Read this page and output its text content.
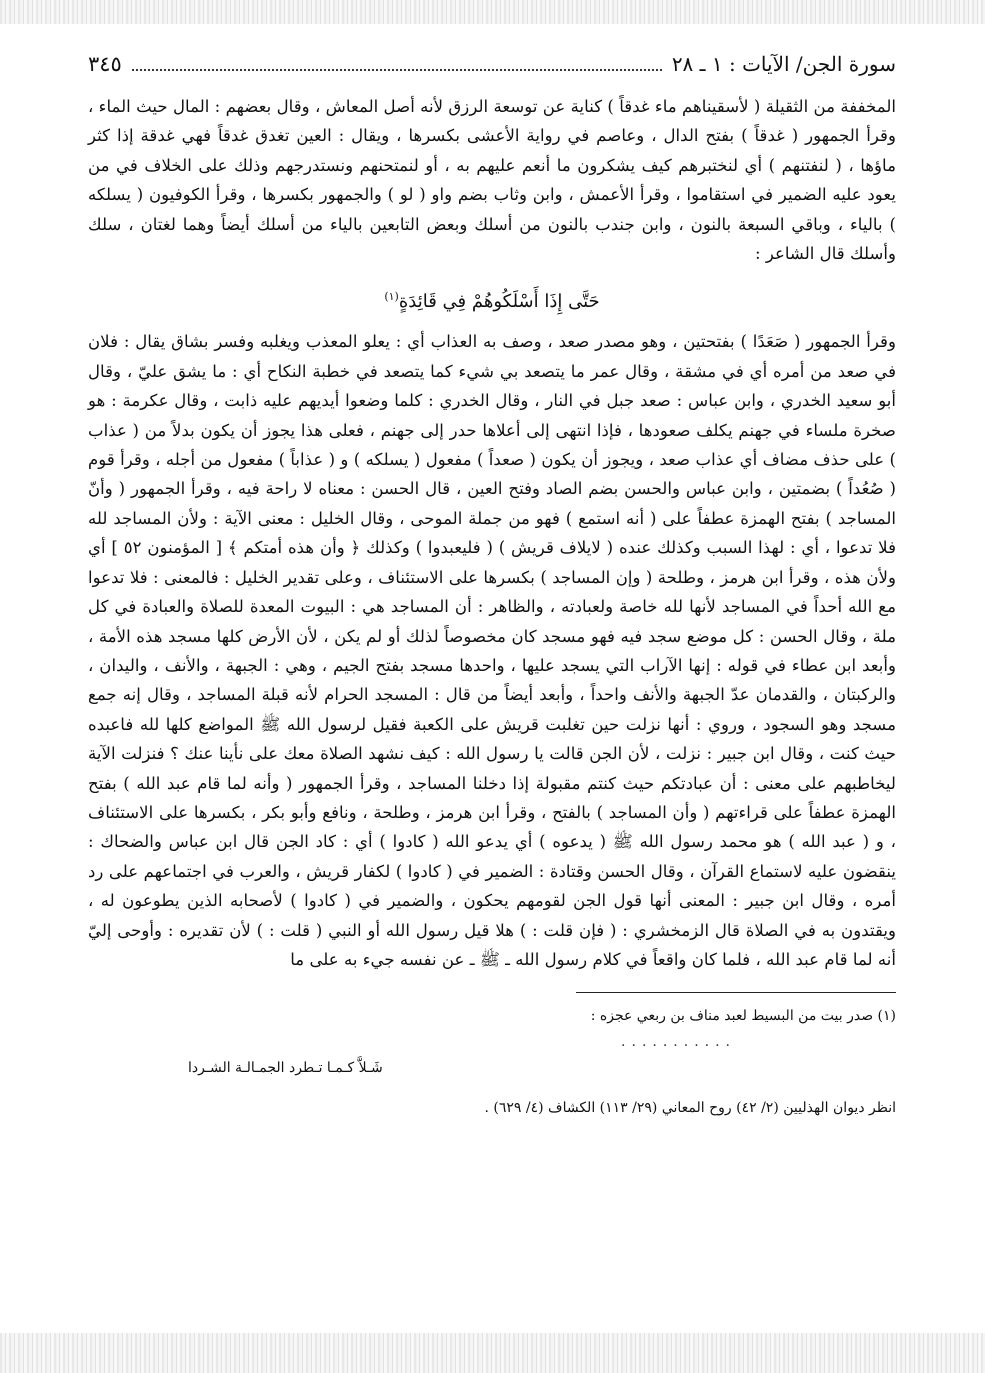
سورة الجن/ الآيات : ١ ـ ٢٨
٣٤٥

المخففة من الثقيلة ( لأسقيناهم ماء غدقاً ) كناية عن توسعة الرزق لأنه أصل المعاش ، وقال بعضهم : المال حيث الماء ، وقرأ الجمهور ( غدقاً ) بفتح الدال ، وعاصم في رواية الأعشى بكسرها ، ويقال : العين تغدق غدقاً فهي غدقة إذا كثر ماؤها ، ( لنفتنهم ) أي لنختبرهم كيف يشكرون ما أنعم عليهم به ، أو لنمتحنهم ونستدرجهم وذلك على الخلاف في من يعود عليه الضمير في استقاموا ، وقرأ الأعمش ، وابن وثاب بضم واو ( لو ) والجمهور بكسرها ، وقرأ الكوفيون ( يسلكه ) بالياء ، وباقي السبعة بالنون ، وابن جندب بالنون من أسلك وبعض التابعين بالياء من أسلك أيضاً وهما لغتان ، سلك وأسلك قال الشاعر :

حَتَّى إِذَا أَسْلَكُوهُمْ فِي قَائِدَةٍ$^{(١)}$

وقرأ الجمهور ( صَعَدًا ) بفتحتين ، وهو مصدر صعد ، وصف به العذاب أي : يعلو المعذب ويغلبه وفسر بشاق يقال : فلان في صعد من أمره أي في مشقة ، وقال عمر ما يتصعد بي شيء كما يتصعد في خطبة النكاح أي : ما يشق عليّ ، وقال أبو سعيد الخدري ، وابن عباس : صعد جبل في النار ، وقال الخدري : كلما وضعوا أيديهم عليه ذابت ، وقال عكرمة : هو صخرة ملساء في جهنم يكلف صعودها ، فإذا انتهى إلى أعلاها حدر إلى جهنم ، فعلى هذا يجوز أن يكون بدلاً من ( عذاب ) على حذف مضاف أي عذاب صعد ، ويجوز أن يكون ( صعداً ) مفعول ( يسلكه ) و ( عذاباً ) مفعول من أجله ، وقرأ قوم ( صُعُداً ) بضمتين ، وابن عباس والحسن بضم الصاد وفتح العين ، قال الحسن : معناه لا راحة فيه ، وقرأ الجمهور ( وأنّ المساجد ) بفتح الهمزة عطفاً على ( أنه استمع ) فهو من جملة الموحى ، وقال الخليل : معنى الآية : ولأن المساجد لله فلا تدعوا ، أي : لهذا السبب وكذلك عنده ( لايلاف قريش ) ( فليعبدوا ) وكذلك ﴿ وأن هذه أمتكم ﴾ [ المؤمنون ٥٢ ] أي ولأن هذه ، وقرأ ابن هرمز ، وطلحة ( وإن المساجد ) بكسرها على الاستئناف ، وعلى تقدير الخليل : فالمعنى : فلا تدعوا مع الله أحداً في المساجد لأنها لله خاصة ولعبادته ، والظاهر : أن المساجد هي : البيوت المعدة للصلاة والعبادة في كل ملة ، وقال الحسن : كل موضع سجد فيه فهو مسجد كان مخصوصاً لذلك أو لم يكن ، لأن الأرض كلها مسجد هذه الأمة ، وأبعد ابن عطاء في قوله : إنها الآراب التي يسجد عليها ، واحدها مسجد بفتح الجيم ، وهي : الجبهة ، والأنف ، واليدان ، والركبتان ، والقدمان عدّ الجبهة والأنف واحداً ، وأبعد أيضاً من قال : المسجد الحرام لأنه قبلة المساجد ، وقال إنه جمع مسجد وهو السجود ، وروي : أنها نزلت حين تغلبت قريش على الكعبة فقيل لرسول الله ﷺ المواضع كلها لله فاعبده حيث كنت ، وقال ابن جبير : نزلت ، لأن الجن قالت يا رسول الله : كيف نشهد الصلاة معك على نأينا عنك ؟ فنزلت الآية ليخاطبهم على معنى : أن عبادتكم حيث كنتم مقبولة إذا دخلنا المساجد ، وقرأ الجمهور ( وأنه لما قام عبد الله ) بفتح الهمزة عطفاً على قراءتهم ( وأن المساجد ) بالفتح ، وقرأ ابن هرمز ، وطلحة ، ونافع وأبو بكر ، بكسرها على الاستئناف ، و ( عبد الله ) هو محمد رسول الله ﷺ ( يدعوه ) أي يدعو الله ( كادوا ) أي : كاد الجن قال ابن عباس والضحاك : ينقضون عليه لاستماع القرآن ، وقال الحسن وقتادة : الضمير في ( كادوا ) لكفار قريش ، والعرب في اجتماعهم على رد أمره ، وقال ابن جبير : المعنى أنها قول الجن لقومهم يحكون ، والضمير في ( كادوا ) لأصحابه الذين يطوعون له ، ويقتدون به في الصلاة قال الزمخشري : ( فإن قلت : ) هلا قيل رسول الله أو النبي ( قلت : ) لأن تقديره : وأوحى إليّ أنه لما قام عبد الله ، فلما كان واقعاً في كلام رسول الله ـ ﷺ ـ عن نفسه جيء به على ما

(١) صدر بيت من البسيط لعبد مناف بن ربعي عجزه :

...........

شَـلاَّ كـمـا تـطرد الجمـالـة الشـردا

انظر ديوان الهذليين (٢/ ٤٢) روح المعاني (٢٩/ ١١٣) الكشاف (٤/ ٦٢٩) .
